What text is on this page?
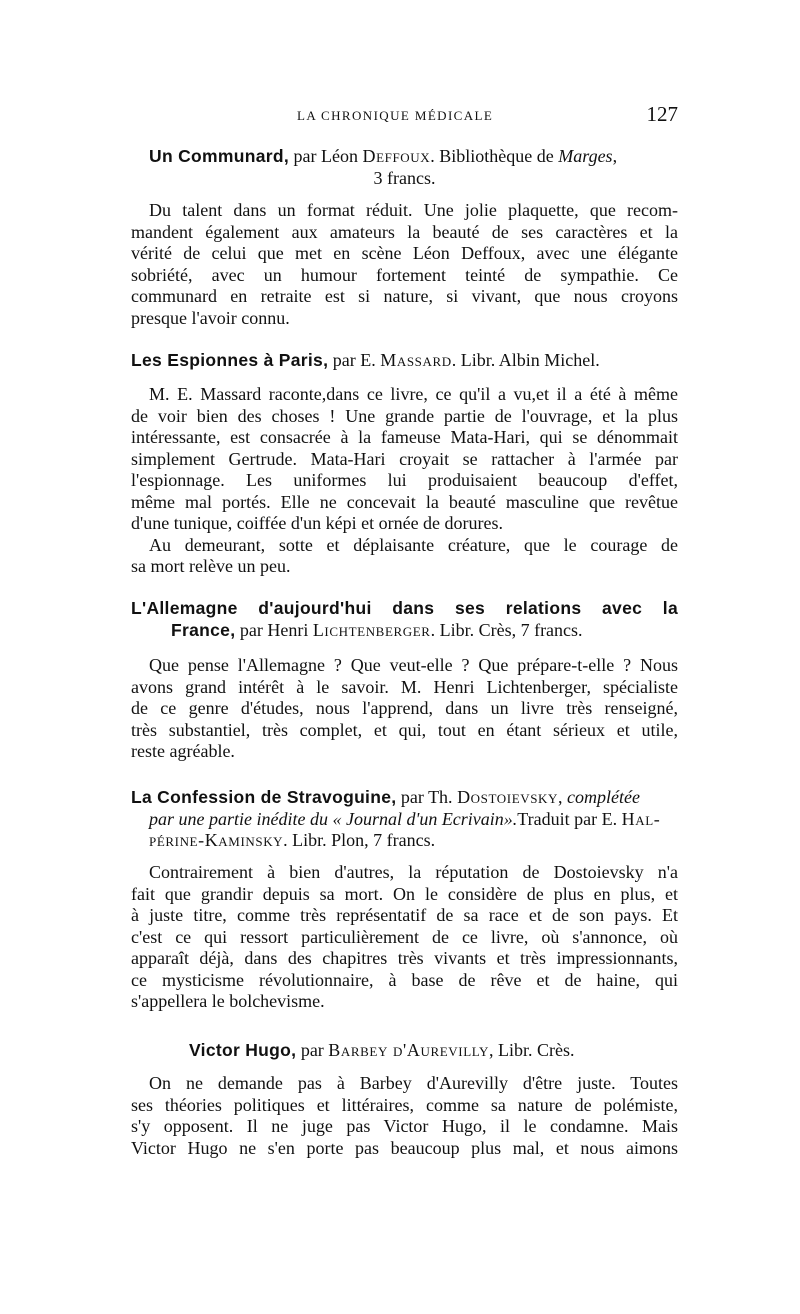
LA CHRONIQUE MÉDICALE	127
Un Communard, par Léon Deffoux. Bibliothèque de Marges,
3 francs.
Du talent dans un format réduit. Une jolie plaquette, que recom-
mandent également aux amateurs la beauté de ses caractères et la
vérité de celui que met en scène Léon Deffoux, avec une élégante
sobriété, avec un humour fortement teinté de sympathie. Ce
communard en retraite est si nature, si vivant, que nous croyons
presque l'avoir connu.
Les Espionnes à Paris, par E. Massard. Libr. Albin Michel.
M. E. Massard raconte,dans ce livre, ce qu'il a vu,et il a été à même
de voir bien des choses ! Une grande partie de l'ouvrage, et la plus
intéressante, est consacrée à la fameuse Mata-Hari, qui se dénommait
simplement Gertrude. Mata-Hari croyait se rattacher à l'armée par
l'espionnage. Les uniformes lui produisaient beaucoup d'effet,
même mal portés. Elle ne concevait la beauté masculine que revêtue
d'une tunique, coiffée d'un képi et ornée de dorures.
Au demeurant, sotte et déplaisante créature, que le courage de
sa mort relève un peu.
L'Allemagne d'aujourd'hui dans ses relations avec la
France, par Henri Lichtenberger. Libr. Crès, 7 francs.
Que pense l'Allemagne ? Que veut-elle ? Que prépare-t-elle ? Nous
avons grand intérêt à le savoir. M. Henri Lichtenberger, spécialiste
de ce genre d'études, nous l'apprend, dans un livre très renseigné,
très substantiel, très complet, et qui, tout en étant sérieux et utile,
reste agréable.
La Confession de Stravoguine, par Th. Dostoievsky, complétée
par une partie inédite du « Journal d'un Ecrivain».Traduit par E. Hal-
périne-Kaminsky. Libr. Plon, 7 francs.
Contrairement à bien d'autres, la réputation de Dostoievsky n'a
fait que grandir depuis sa mort. On le considère de plus en plus, et
à juste titre, comme très représentatif de sa race et de son pays. Et
c'est ce qui ressort particulièrement de ce livre, où s'annonce, où
apparaît déjà, dans des chapitres très vivants et très impressionnants,
ce mysticisme révolutionnaire, à base de rêve et de haine, qui
s'appellera le bolchevisme.
Victor Hugo, par Barbey d'Aurevilly, Libr. Crès.
On ne demande pas à Barbey d'Aurevilly d'être juste. Toutes
ses théories politiques et littéraires, comme sa nature de polémiste,
s'y opposent. Il ne juge pas Victor Hugo, il le condamne. Mais
Victor Hugo ne s'en porte pas beaucoup plus mal, et nous aimons
